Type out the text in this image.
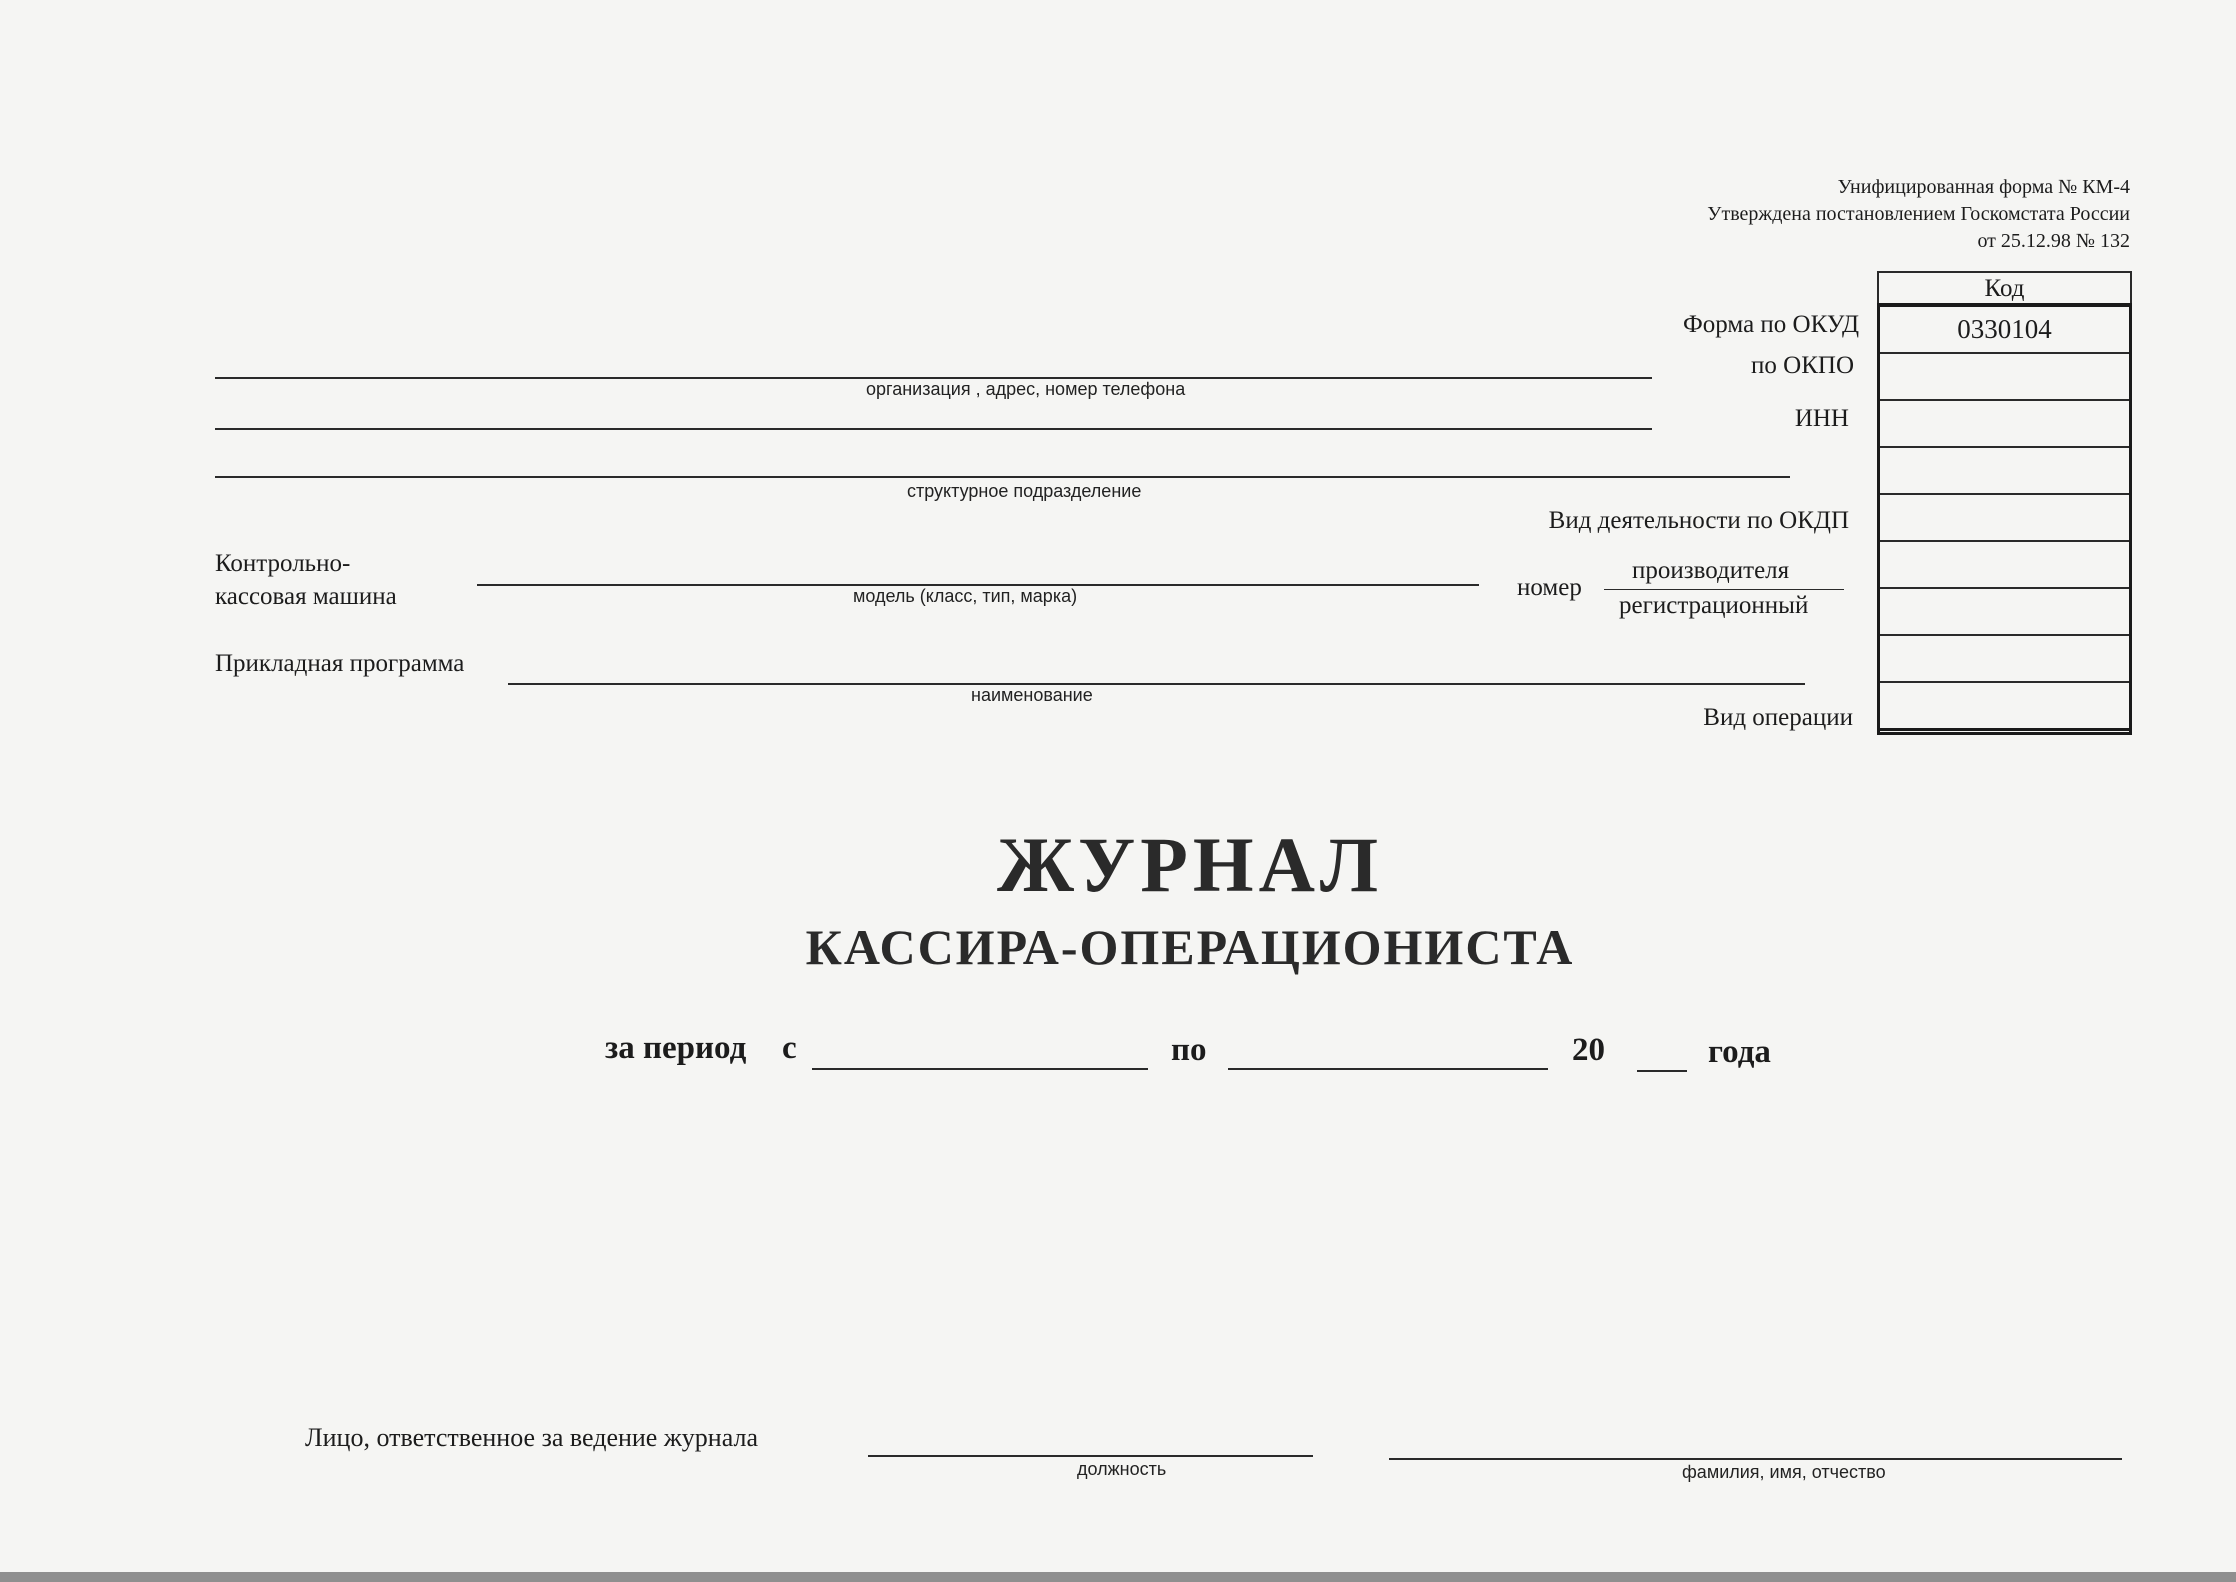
Унифицированная форма № КМ-4
Утверждена постановлением Госкомстата России
от 25.12.98 № 132
Код
0330104

Форма по ОКУД
по ОКПО
ИНН
Вид деятельности по ОКДП
номер
производителя
регистрационный
Вид операции
организация , адрес, номер телефона
структурное подразделение
Контрольно-
кассовая машина	модель (класс, тип, марка)
Прикладная программа
наименование
ЖУРНАЛ
КАССИРА-ОПЕРАЦИОНИСТА
за период с	по	20	года
Лицо, ответственное за ведение журнала
должность	фамилия, имя, отчество
